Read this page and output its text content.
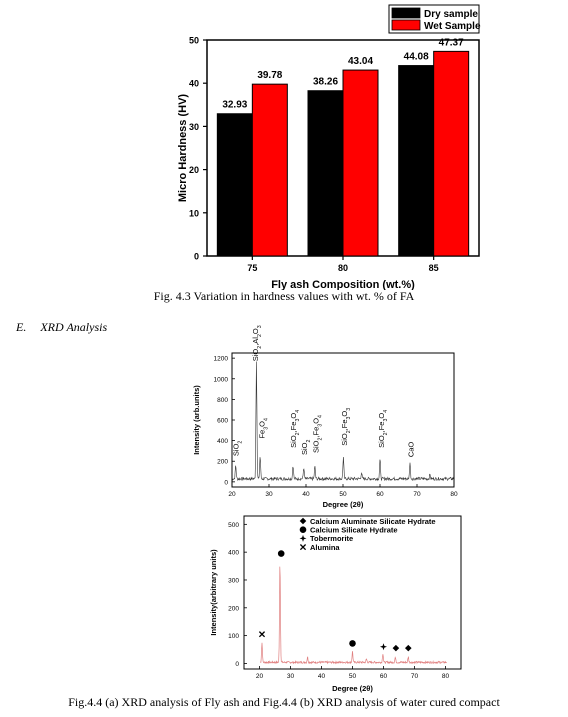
0
10
20
30
40
50
75
32.93
39.78
80
38.26
43.04
85
44.08
47.37
Fly ash Composition (wt.%)
Micro Hardness (HV)
Dry sample
Wet Sample
Fig. 4.3 Variation in hardness values with wt. % of FA
E. XRD Analysis
0
200
400
600
800
1000
1200
20	30	40	50	60	70	80
SiO$_2$
$SiO_2,Al_2O_3$
$Fe_3O_4$
$SiO_2,Fe_3O_4$
SiO$_2$ $SiO_2,Fe_3O_4$
$SiO_2,Fe_3O_3$
$SiO_2,Fe_3O_4$
CaO
Degree (2θ)
Intensity (arb.units)
0
100
200
300
400
500
20	30	40	50	60	70	80
Calcium Aluminate Silicate Hydrate
Calcium Silicate Hydrate
Tobermorite
Alumina
Degree (2θ)
Intensity(arbitrary units)
Fig.4.4 (a) XRD analysis of Fly ash and Fig.4.4 (b) XRD analysis of water cured compact
